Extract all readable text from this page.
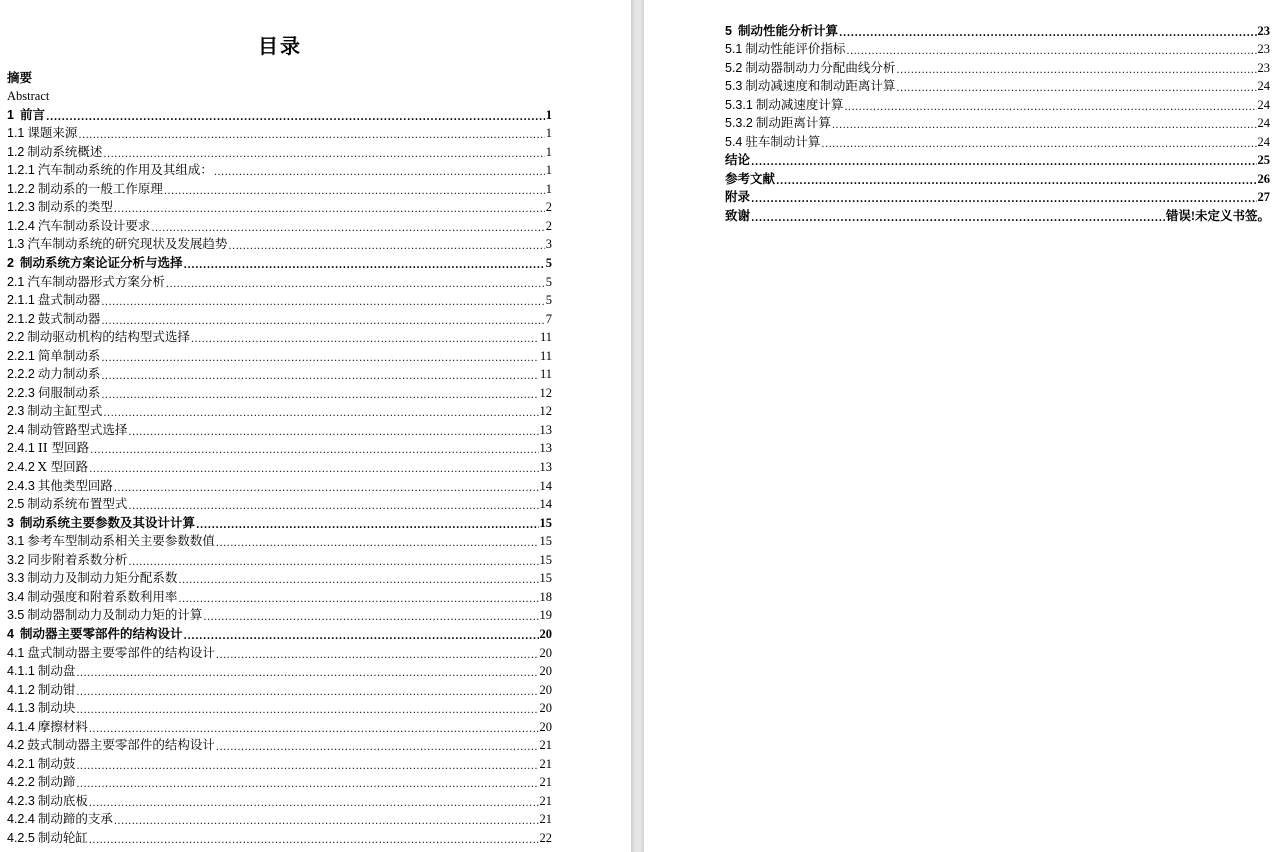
目录
摘要
Abstract
1 前言 .....	1
1.1 课题来源 .....	1
1.2 制动系统概述 .....	1
1.2.1 汽车制动系统的作用及其组成： .....	1
1.2.2 制动系的一般工作原理 .....	1
1.2.3 制动系的类型 .....	2
1.2.4 汽车制动系设计要求 .....	2
1.3 汽车制动系统的研究现状及发展趋势 .....	3
2 制动系统方案论证分析与选择 .....	5
2.1 汽车制动器形式方案分析 .....	5
2.1.1 盘式制动器 .....	5
2.1.2 鼓式制动器 .....	7
2.2 制动驱动机构的结构型式选择 .....	11
2.2.1 简单制动系 .....	11
2.2.2 动力制动系 .....	11
2.2.3 伺服制动系 .....	12
2.3 制动主缸型式 .....	12
2.4 制动管路型式选择 .....	13
2.4.1 II 型回路 .....	13
2.4.2 X 型回路 .....	13
2.4.3 其他类型回路 .....	14
2.5 制动系统布置型式 .....	14
3 制动系统主要参数及其设计计算 .....	15
3.1 参考车型制动系相关主要参数数值 .....	15
3.2 同步附着系数分析 .....	15
3.3 制动力及制动力矩分配系数 .....	15
3.4 制动强度和附着系数利用率 .....	18
3.5 制动器制动力及制动力矩的计算 .....	19
4 制动器主要零部件的结构设计 .....	20
4.1 盘式制动器主要零部件的结构设计 .....	20
4.1.1 制动盘 .....	20
4.1.2 制动钳 .....	20
4.1.3 制动块 .....	20
4.1.4 摩擦材料 .....	20
4.2 鼓式制动器主要零部件的结构设计 .....	21
4.2.1 制动鼓 .....	21
4.2.2 制动蹄 .....	21
4.2.3 制动底板 .....	21
4.2.4 制动蹄的支承 .....	21
4.2.5 制动轮缸 .....	22
5 制动性能分析计算 .....	23
5.1 制动性能评价指标 .....	23
5.2 制动器制动力分配曲线分析 .....	23
5.3 制动减速度和制动距离计算 .....	24
5.3.1 制动减速度计算 .....	24
5.3.2 制动距离计算 .....	24
5.4 驻车制动计算 .....	24
结论 .....	25
参考文献 .....	26
附录 .....	27
致谢 .....	错误!未定义书签。
